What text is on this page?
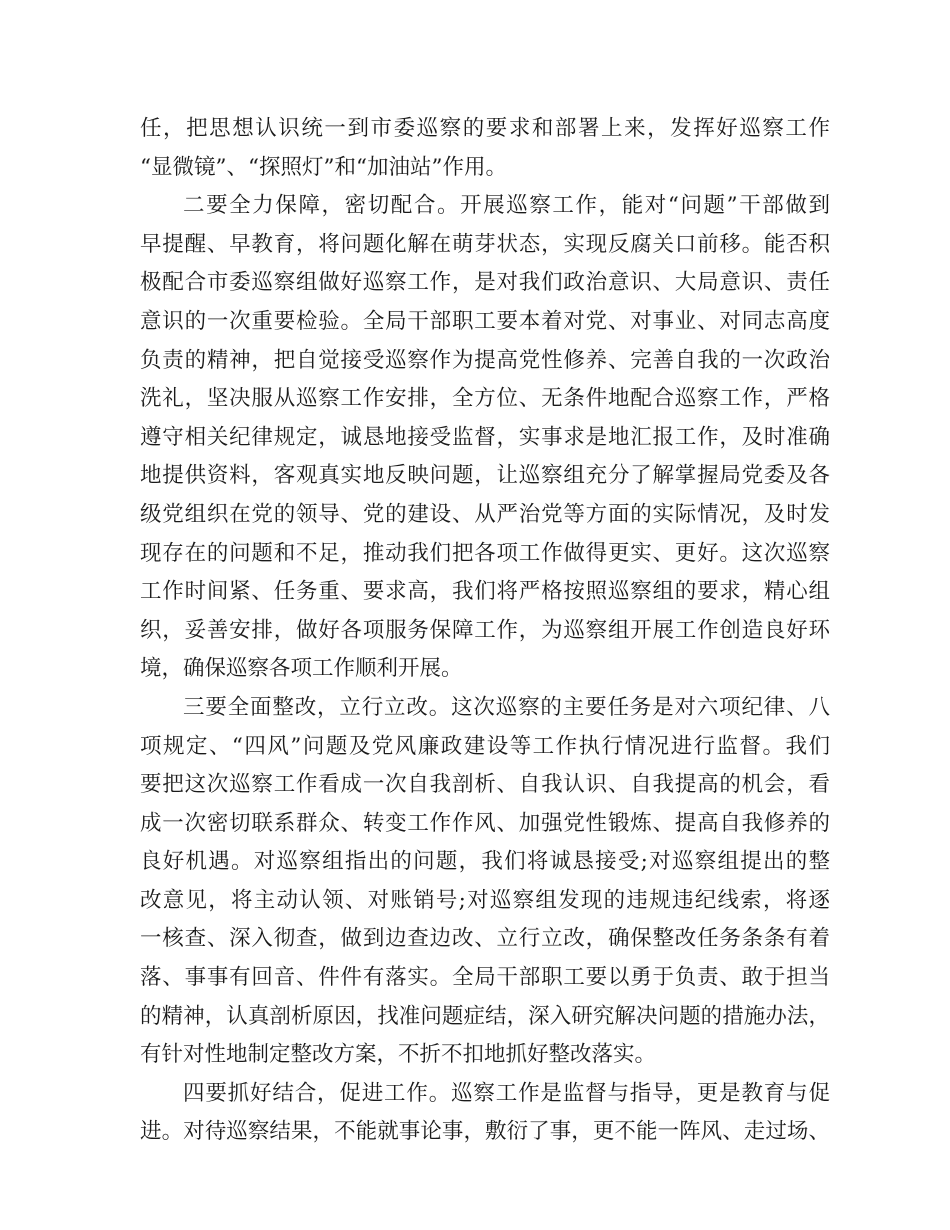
任，把思想认识统一到市委巡察的要求和部署上来，发挥好巡察工作
“显微镜”、“探照灯”和“加油站”作用。
二要全力保障，密切配合。开展巡察工作，能对“问题”干部做到
早提醒、早教育，将问题化解在萌芽状态，实现反腐关口前移。能否积
极配合市委巡察组做好巡察工作，是对我们政治意识、大局意识、责任
意识的一次重要检验。全局干部职工要本着对党、对事业、对同志高度
负责的精神，把自觉接受巡察作为提高党性修养、完善自我的一次政治
洗礼，坚决服从巡察工作安排，全方位、无条件地配合巡察工作，严格
遵守相关纪律规定，诚恳地接受监督，实事求是地汇报工作，及时准确
地提供资料，客观真实地反映问题，让巡察组充分了解掌握局党委及各
级党组织在党的领导、党的建设、从严治党等方面的实际情况，及时发
现存在的问题和不足，推动我们把各项工作做得更实、更好。这次巡察
工作时间紧、任务重、要求高，我们将严格按照巡察组的要求，精心组
织，妥善安排，做好各项服务保障工作，为巡察组开展工作创造良好环
境，确保巡察各项工作顺利开展。
三要全面整改，立行立改。这次巡察的主要任务是对六项纪律、八
项规定、“四风”问题及党风廉政建设等工作执行情况进行监督。我们
要把这次巡察工作看成一次自我剖析、自我认识、自我提高的机会，看
成一次密切联系群众、转变工作作风、加强党性锻炼、提高自我修养的
良好机遇。对巡察组指出的问题，我们将诚恳接受;对巡察组提出的整
改意见，将主动认领、对账销号;对巡察组发现的违规违纪线索，将逐
一核查、深入彻查，做到边查边改、立行立改，确保整改任务条条有着
落、事事有回音、件件有落实。全局干部职工要以勇于负责、敢于担当
的精神，认真剖析原因，找准问题症结，深入研究解决问题的措施办法，
有针对性地制定整改方案，不折不扣地抓好整改落实。
四要抓好结合，促进工作。巡察工作是监督与指导，更是教育与促
进。对待巡察结果，不能就事论事，敷衍了事，更不能一阵风、走过场、
